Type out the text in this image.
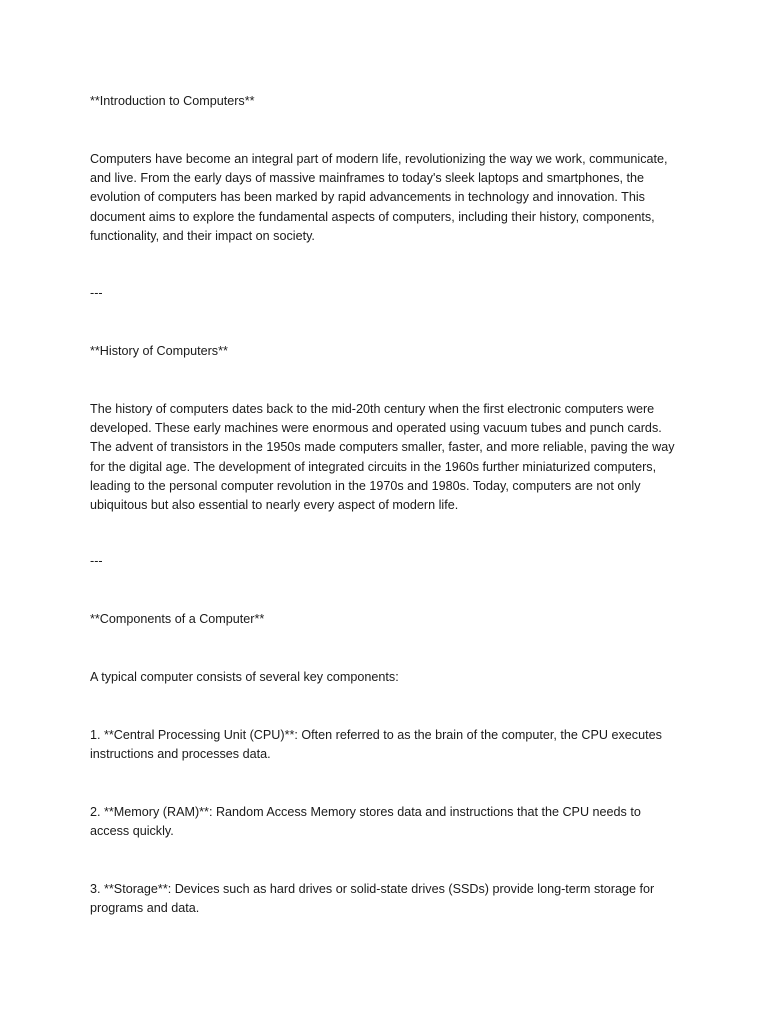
**Introduction to Computers**

Computers have become an integral part of modern life, revolutionizing the way we work, communicate, and live. From the early days of massive mainframes to today's sleek laptops and smartphones, the evolution of computers has been marked by rapid advancements in technology and innovation. This document aims to explore the fundamental aspects of computers, including their history, components, functionality, and their impact on society.

---

**History of Computers**

The history of computers dates back to the mid-20th century when the first electronic computers were developed. These early machines were enormous and operated using vacuum tubes and punch cards. The advent of transistors in the 1950s made computers smaller, faster, and more reliable, paving the way for the digital age. The development of integrated circuits in the 1960s further miniaturized computers, leading to the personal computer revolution in the 1970s and 1980s. Today, computers are not only ubiquitous but also essential to nearly every aspect of modern life.

---

**Components of a Computer**

A typical computer consists of several key components:

1. **Central Processing Unit (CPU)**: Often referred to as the brain of the computer, the CPU executes instructions and processes data.

2. **Memory (RAM)**: Random Access Memory stores data and instructions that the CPU needs to access quickly.

3. **Storage**: Devices such as hard drives or solid-state drives (SSDs) provide long-term storage for programs and data.
